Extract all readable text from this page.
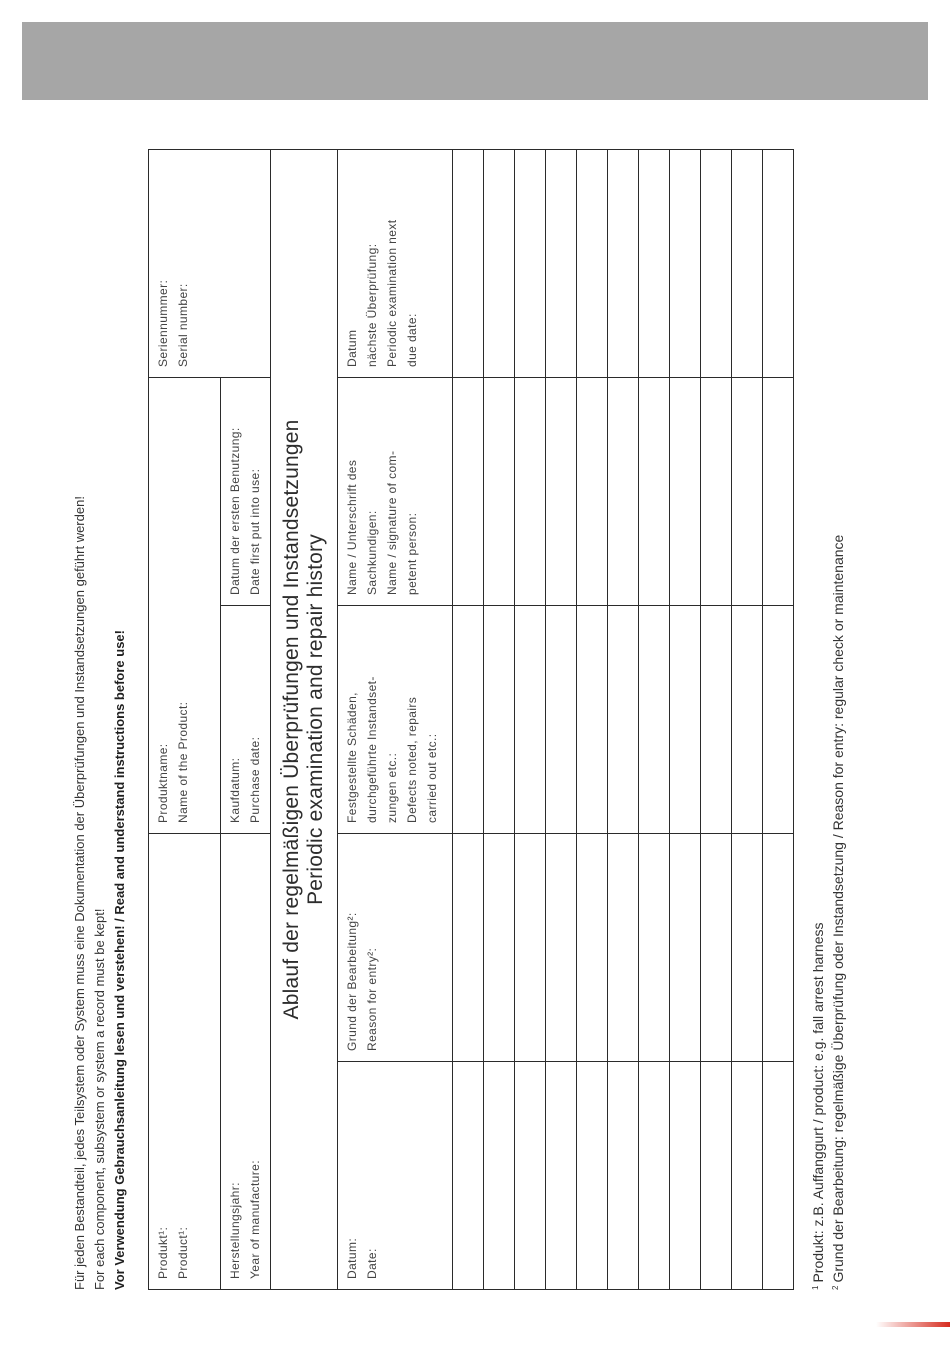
Für jeden Bestandteil, jedes Teilsystem oder System muss eine Dokumentation der Überprüfungen und Instandsetzungen geführt werden! For each component, subsystem or system a record must be kept! Vor Verwendung Gebrauchsanleitung lesen und verstehen! / Read and understand instructions before use! Produkt¹: Product¹:		Produktname: Name of the Product:		Seriennummer: Serial number:

Herstellungsjahr: Year of manufacture:		Kaufdatum: Purchase date:	Datum der ersten Benutzung: Date first put into use:	

Ablauf der regelmäßigen Überprüfungen und Instandsetzungen Periodic examination and repair history				

Datum: Date:	Grund der Bearbeitung²: Reason for entry²:	Festgestellte Schäden, durchgeführte Instandset- zungen etc.: Defects noted, repairs carried out etc.:	Name / Unterschrift des Sachkundigen: Name / signature of com- petent person:	Datum nächste Überprüfung: Periodic examination next due date:

$^1$Produkt: z.B. Auffanggurt / product: e.g. fall arrest harness
$^2$Grund der Bearbeitung: regelmäßige Überprüfung oder Instandsetzung / Reason for entry: regular check or maintenance
